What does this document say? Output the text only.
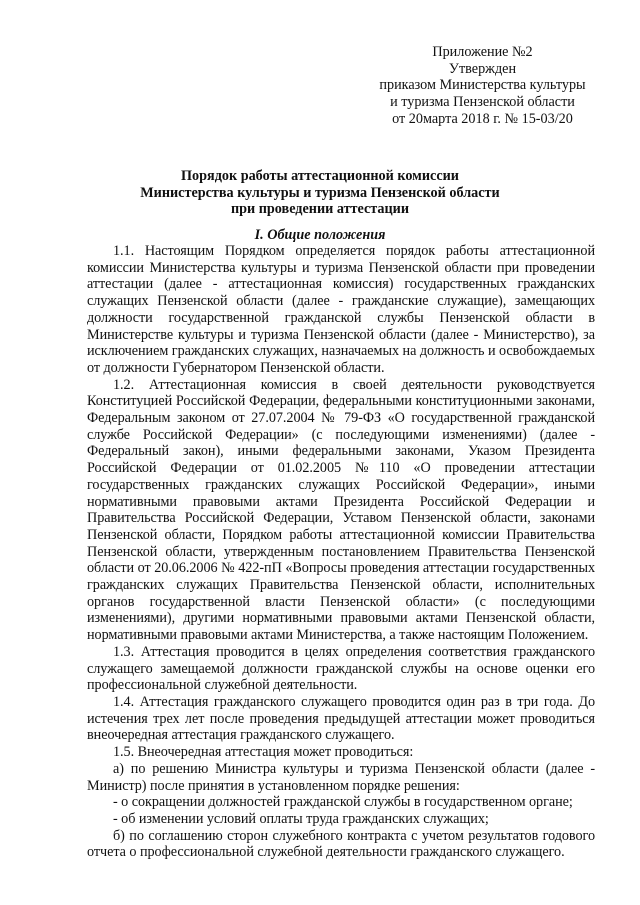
Приложение №2
Утвержден
приказом Министерства культуры
и туризма Пензенской области
от 20марта 2018 г. № 15-03/20
Порядок работы аттестационной комиссии
Министерства культуры и туризма Пензенской области
при проведении аттестации
I. Общие положения

1.1. Настоящим Порядком определяется порядок работы аттестационной комиссии Министерства культуры и туризма Пензенской области при проведении аттестации (далее - аттестационная комиссия) государственных гражданских служащих Пензенской области (далее - гражданские служащие), замещающих должности государственной гражданской службы Пензенской области в Министерстве культуры и туризма Пензенской области (далее - Министерство), за исключением гражданских служащих, назначаемых на должность и освобождаемых от должности Губернатором Пензенской области.

1.2. Аттестационная комиссия в своей деятельности руководствуется Конституцией Российской Федерации, федеральными конституционными законами, Федеральным законом от 27.07.2004 № 79-ФЗ «О государственной гражданской службе Российской Федерации» (с последующими изменениями) (далее - Федеральный закон), иными федеральными законами, Указом Президента Российской Федерации от 01.02.2005 №110 «О проведении аттестации государственных гражданских служащих Российской Федерации», иными нормативными правовыми актами Президента Российской Федерации и Правительства Российской Федерации, Уставом Пензенской области, законами Пензенской области, Порядком работы аттестационной комиссии Правительства Пензенской области, утвержденным постановлением Правительства Пензенской области от 20.06.2006 № 422-пП «Вопросы проведения аттестации государственных гражданских служащих Правительства Пензенской области, исполнительных органов государственной власти Пензенской области» (с последующими изменениями), другими нормативными правовыми актами Пензенской области, нормативными правовыми актами Министерства, а также настоящим Положением.

1.3. Аттестация проводится в целях определения соответствия гражданского служащего замещаемой должности гражданской службы на основе оценки его профессиональной служебной деятельности.

1.4. Аттестация гражданского служащего проводится один раз в три года. До истечения трех лет после проведения предыдущей аттестации может проводиться внеочередная аттестация гражданского служащего.

1.5. Внеочередная аттестация может проводиться:

а) по решению Министра культуры и туризма Пензенской области (далее - Министр) после принятия в установленном порядке решения:

- о сокращении должностей гражданской службы в государственном органе;

- об изменении условий оплаты труда гражданских служащих;

б) по соглашению сторон служебного контракта с учетом результатов годового отчета о профессиональной служебной деятельности гражданского служащего.
